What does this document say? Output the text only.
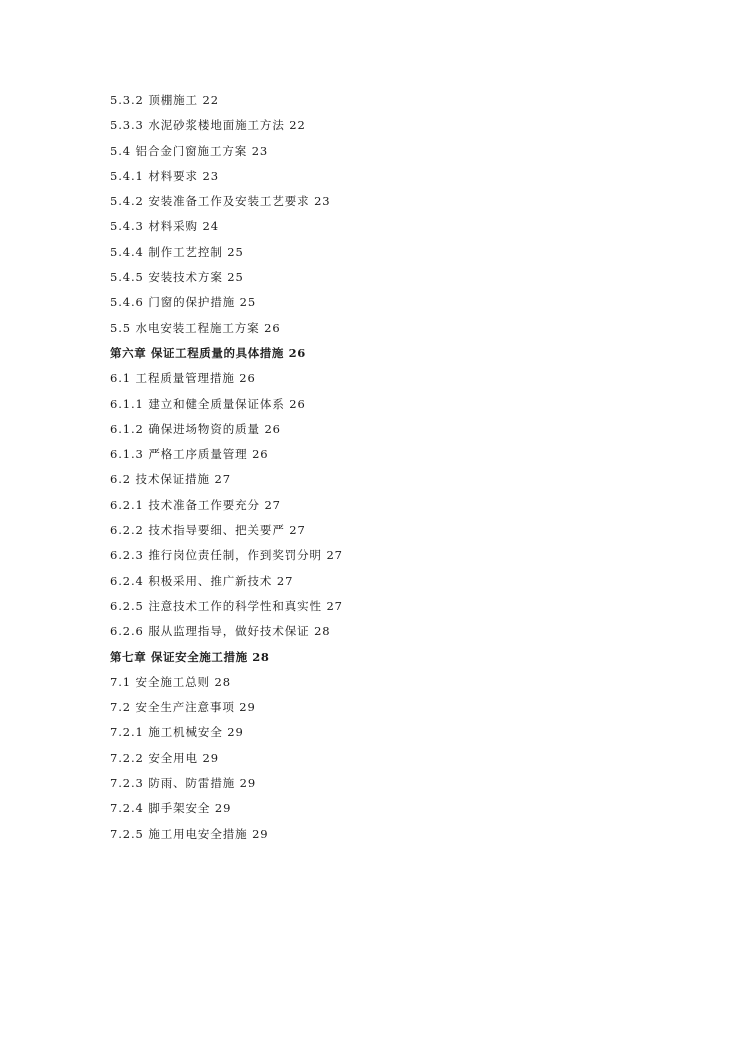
5.3.2 顶棚施工 22
5.3.3 水泥砂浆楼地面施工方法 22
5.4 铝合金门窗施工方案 23
5.4.1 材料要求 23
5.4.2 安装准备工作及安装工艺要求 23
5.4.3 材料采购 24
5.4.4 制作工艺控制 25
5.4.5 安装技术方案 25
5.4.6 门窗的保护措施 25
5.5 水电安装工程施工方案 26
第六章 保证工程质量的具体措施 26
6.1 工程质量管理措施 26
6.1.1 建立和健全质量保证体系 26
6.1.2 确保进场物资的质量 26
6.1.3 严格工序质量管理 26
6.2 技术保证措施 27
6.2.1 技术准备工作要充分 27
6.2.2 技术指导要细、把关要严 27
6.2.3 推行岗位责任制，作到奖罚分明 27
6.2.4 积极采用、推广新技术 27
6.2.5 注意技术工作的科学性和真实性 27
6.2.6 服从监理指导，做好技术保证 28
第七章 保证安全施工措施 28
7.1 安全施工总则 28
7.2 安全生产注意事项 29
7.2.1 施工机械安全 29
7.2.2 安全用电 29
7.2.3 防雨、防雷措施 29
7.2.4 脚手架安全 29
7.2.5 施工用电安全措施 29
